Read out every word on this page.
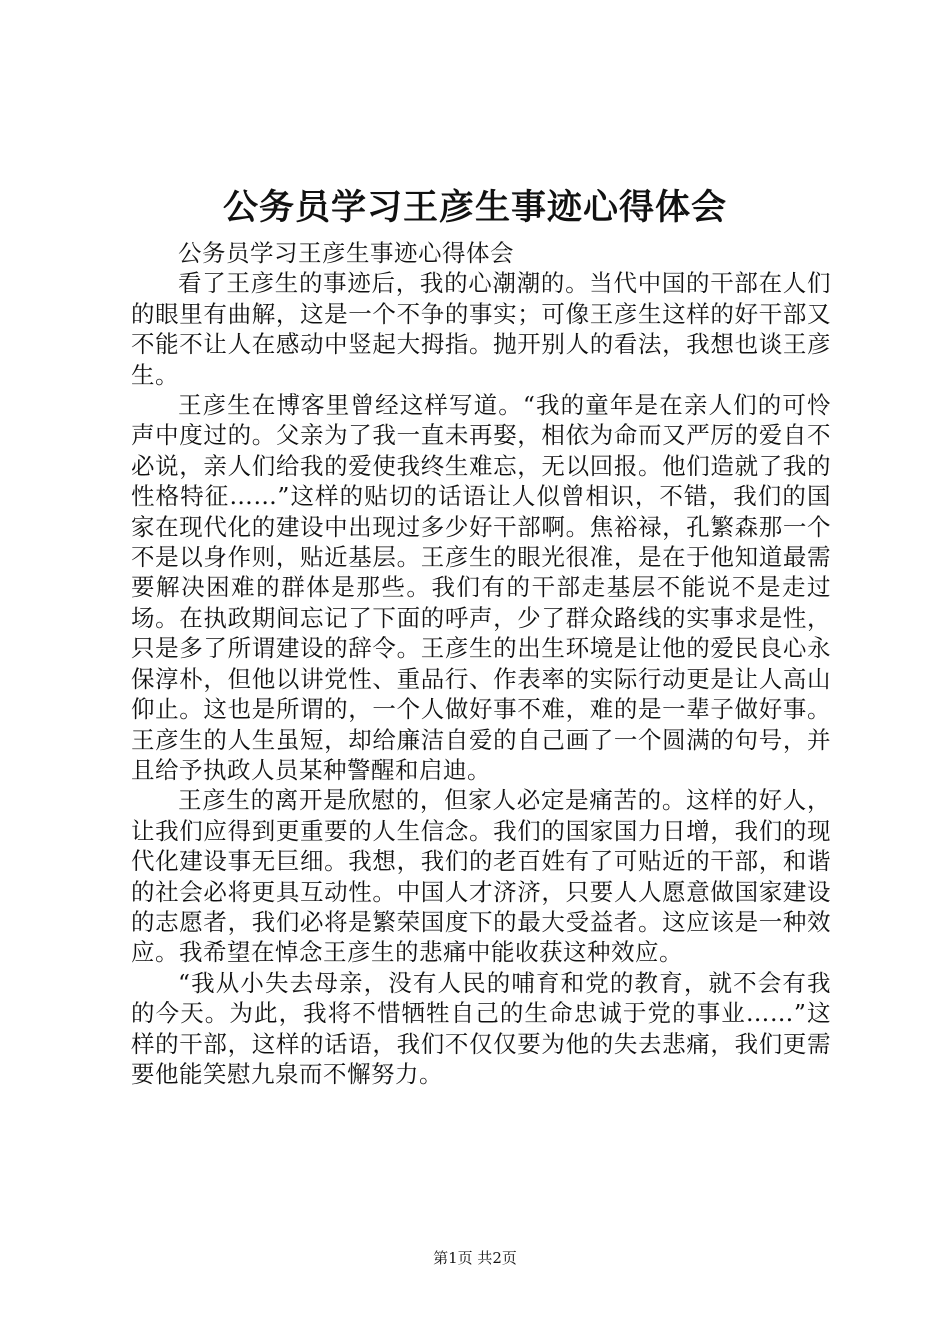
公务员学习王彦生事迹心得体会

公务员学习王彦生事迹心得体会

看了王彦生的事迹后，我的心潮潮的。当代中国的干部在人们的眼里有曲解，这是一个不争的事实；可像王彦生这样的好干部又不能不让人在感动中竖起大拇指。抛开别人的看法，我想也谈王彦生。

王彦生在博客里曾经这样写道。“我的童年是在亲人们的可怜声中度过的。父亲为了我一直未再娶，相依为命而又严厉的爱自不必说，亲人们给我的爱使我终生难忘，无以回报。他们造就了我的性格特征……”这样的贴切的话语让人似曾相识，不错，我们的国家在现代化的建设中出现过多少好干部啊。焦裕禄，孔繁森那一个不是以身作则，贴近基层。王彦生的眼光很准，是在于他知道最需要解决困难的群体是那些。我们有的干部走基层不能说不是走过场。在执政期间忘记了下面的呼声，少了群众路线的实事求是性，只是多了所谓建设的辞令。王彦生的出生环境是让他的爱民良心永保淳朴，但他以讲党性、重品行、作表率的实际行动更是让人高山仰止。这也是所谓的，一个人做好事不难，难的是一辈子做好事。王彦生的人生虽短，却给廉洁自爱的自己画了一个圆满的句号，并且给予执政人员某种警醒和启迪。

王彦生的离开是欣慰的，但家人必定是痛苦的。这样的好人，让我们应得到更重要的人生信念。我们的国家国力日增，我们的现代化建设事无巨细。我想，我们的老百姓有了可贴近的干部，和谐的社会必将更具互动性。中国人才济济，只要人人愿意做国家建设的志愿者，我们必将是繁荣国度下的最大受益者。这应该是一种效应。我希望在悼念王彦生的悲痛中能收获这种效应。

“我从小失去母亲，没有人民的哺育和党的教育，就不会有我的今天。为此，我将不惜牺牲自己的生命忠诚于党的事业……”这样的干部，这样的话语，我们不仅仅要为他的失去悲痛，我们更需要他能笑慰九泉而不懈努力。

第1页 共2页
